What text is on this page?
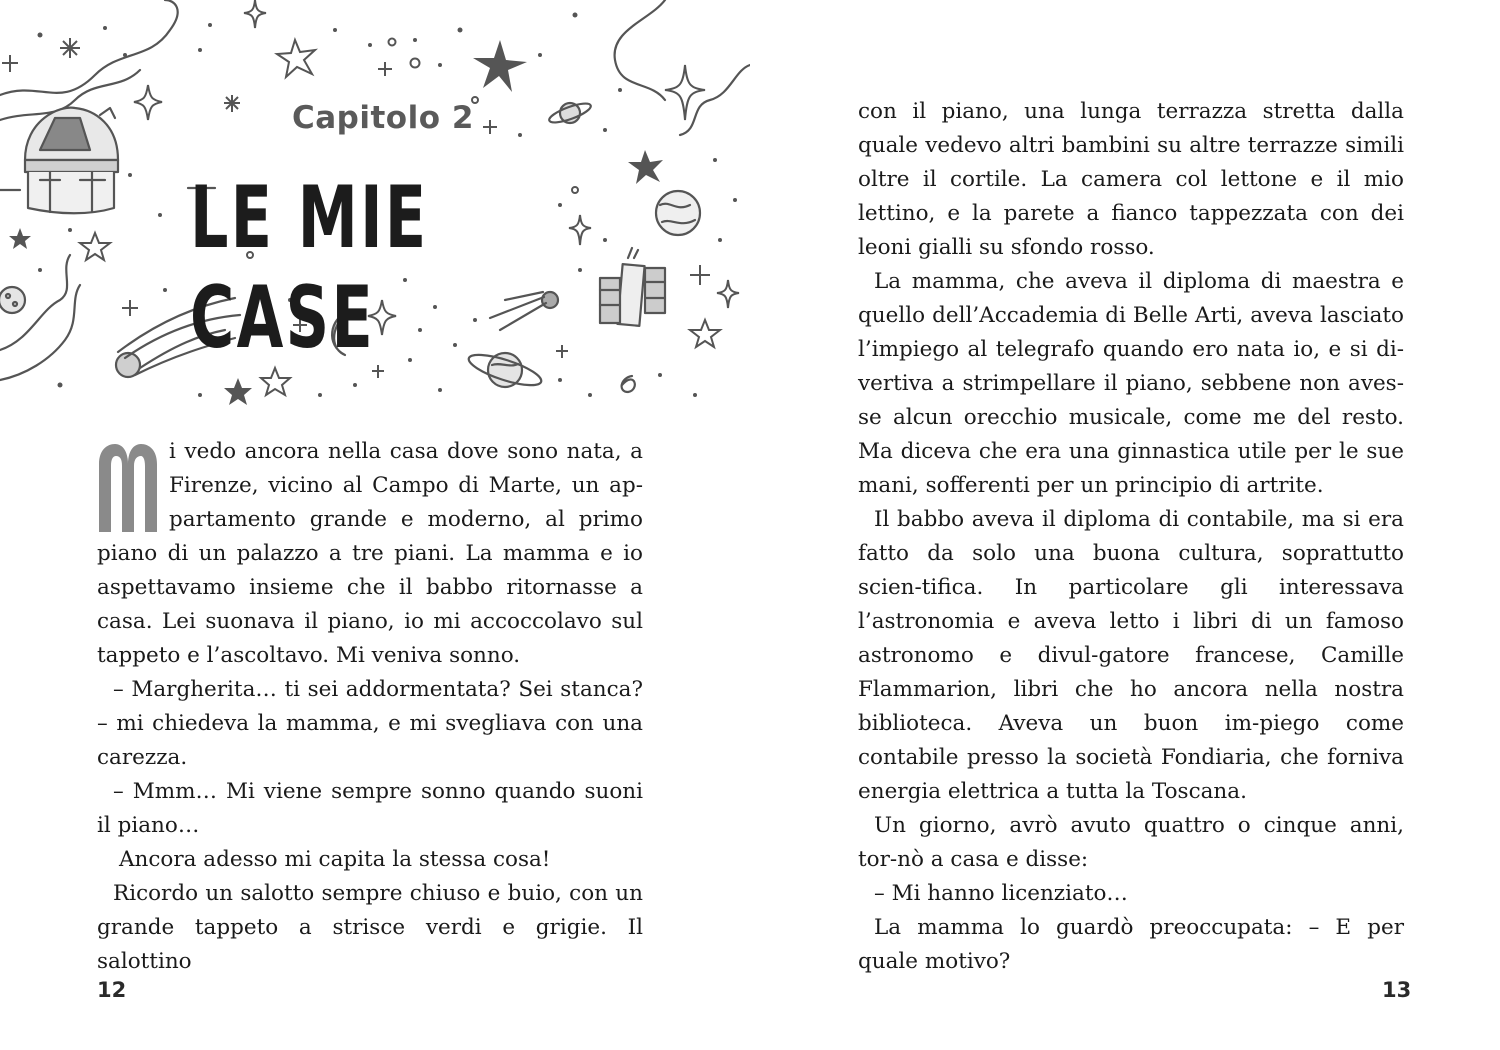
Capitolo 2
LE MIE CASE

i vedo ancora nella casa dove sono nata, a Firenze, vicino al Campo di Marte, un ap-partamento grande e moderno, al primo piano di un palazzo a tre piani. La mamma e io aspettavamo insieme che il babbo ritornasse a casa. Lei suonava il piano, io mi accoccolavo sul tappeto e l’ascoltavo. Mi veniva sonno.

– Margherita… ti sei addormentata? Sei stanca? – mi chiedeva la mamma, e mi svegliava con una carezza.

– Mmm… Mi viene sempre sonno quando suoni il piano…

Ancora adesso mi capita la stessa cosa!

Ricordo un salotto sempre chiuso e buio, con un grande tappeto a strisce verdi e grigie. Il salottino

12

con il piano, una lunga terrazza stretta dalla quale vedevo altri bambini su altre terrazze simili oltre il cortile. La camera col lettone e il mio lettino, e la parete a fianco tappezzata con dei leoni gialli su sfondo rosso.

La mamma, che aveva il diploma di maestra e quello dell’Accademia di Belle Arti, aveva lasciato l’impiego al telegrafo quando ero nata io, e si di-vertiva a strimpellare il piano, sebbene non aves-se alcun orecchio musicale, come me del resto. Ma diceva che era una ginnastica utile per le sue mani, sofferenti per un principio di artrite.

Il babbo aveva il diploma di contabile, ma si era fatto da solo una buona cultura, soprattutto scien-tifica. In particolare gli interessava l’astronomia e aveva letto i libri di un famoso astronomo e divul-gatore francese, Camille Flammarion, libri che ho ancora nella nostra biblioteca. Aveva un buon im-piego come contabile presso la società Fondiaria, che forniva energia elettrica a tutta la Toscana.

Un giorno, avrò avuto quattro o cinque anni, tor-nò a casa e disse:

– Mi hanno licenziato…

La mamma lo guardò preoccupata: – E per quale motivo?

13
